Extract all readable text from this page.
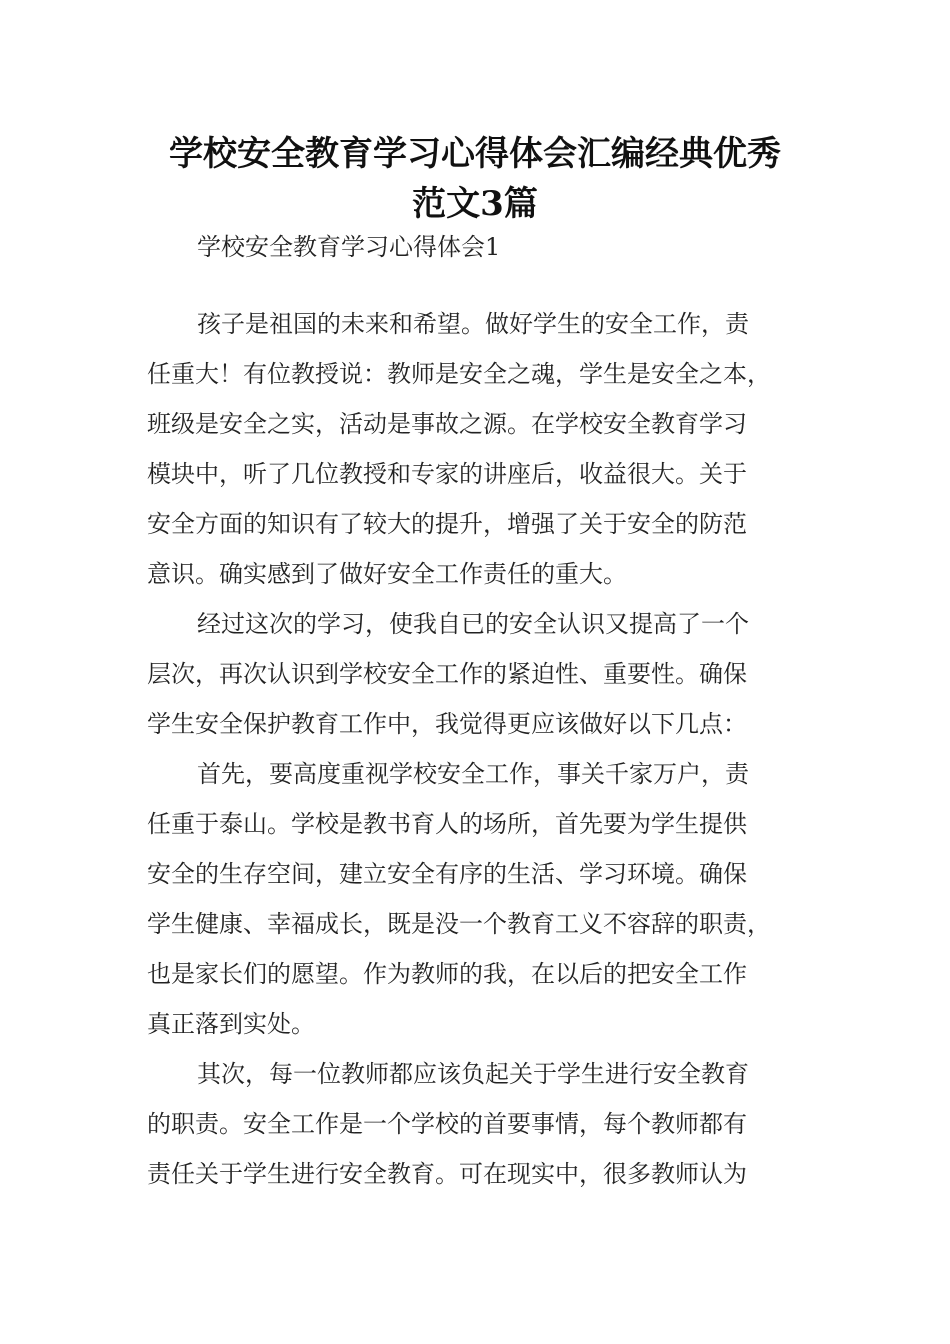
学校安全教育学习心得体会汇编经典优秀
范文3篇
学校安全教育学习心得体会1
孩子是祖国的未来和希望。做好学生的安全工作，责
任重大！有位教授说：教师是安全之魂，学生是安全之本，
班级是安全之实，活动是事故之源。在学校安全教育学习
模块中，听了几位教授和专家的讲座后，收益很大。关于
安全方面的知识有了较大的提升，增强了关于安全的防范
意识。确实感到了做好安全工作责任的重大。
经过这次的学习，使我自已的安全认识又提高了一个
层次，再次认识到学校安全工作的紧迫性、重要性。确保
学生安全保护教育工作中，我觉得更应该做好以下几点：
首先，要高度重视学校安全工作，事关千家万户，责
任重于泰山。学校是教书育人的场所，首先要为学生提供
安全的生存空间，建立安全有序的生活、学习环境。确保
学生健康、幸福成长，既是没一个教育工义不容辞的职责，
也是家长们的愿望。作为教师的我，在以后的把安全工作
真正落到实处。
其次，每一位教师都应该负起关于学生进行安全教育
的职责。安全工作是一个学校的首要事情，每个教师都有
责任关于学生进行安全教育。可在现实中，很多教师认为
